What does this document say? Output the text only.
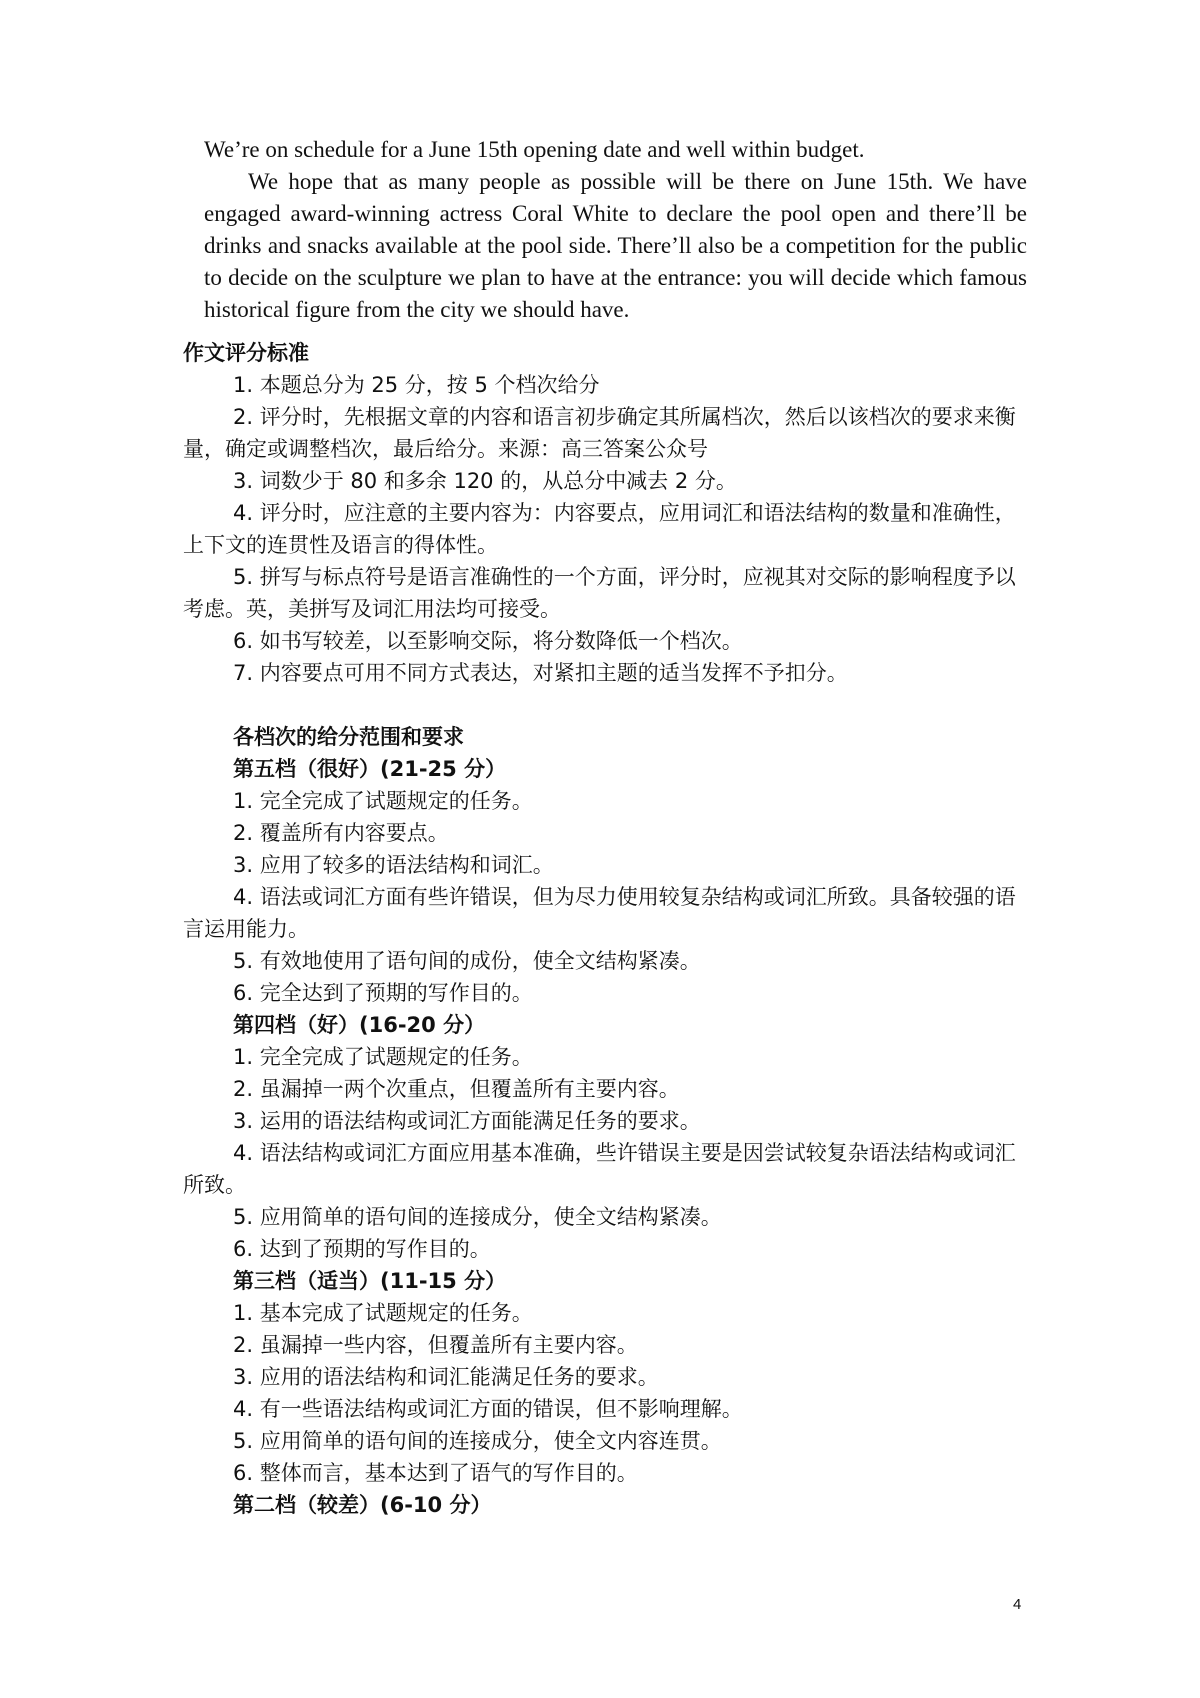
We’re on schedule for a June 15th opening date and well within budget.

We hope that as many people as possible will be there on June 15th. We have engaged award-winning actress Coral White to declare the pool open and there’ll be drinks and snacks available at the pool side. There’ll also be a competition for the public to decide on the sculpture we plan to have at the entrance: you will decide which famous historical figure from the city we should have.

作文评分标准

1. 本题总分为 25 分，按 5 个档次给分

2. 评分时，先根据文章的内容和语言初步确定其所属档次，然后以该档次的要求来衡量，确定或调整档次，最后给分。来源：高三答案公众号

3. 词数少于 80 和多余 120 的，从总分中减去 2 分。

4. 评分时，应注意的主要内容为：内容要点，应用词汇和语法结构的数量和准确性，上下文的连贯性及语言的得体性。

5. 拼写与标点符号是语言准确性的一个方面，评分时，应视其对交际的影响程度予以考虑。英，美拼写及词汇用法均可接受。

6. 如书写较差，以至影响交际，将分数降低一个档次。

7. 内容要点可用不同方式表达，对紧扣主题的适当发挥不予扣分。

各档次的给分范围和要求

第五档（很好）(21-25 分）

1. 完全完成了试题规定的任务。

2. 覆盖所有内容要点。

3. 应用了较多的语法结构和词汇。

4. 语法或词汇方面有些许错误，但为尽力使用较复杂结构或词汇所致。具备较强的语言运用能力。

5. 有效地使用了语句间的成份，使全文结构紧凑。

6. 完全达到了预期的写作目的。

第四档（好）(16-20 分）

1. 完全完成了试题规定的任务。

2. 虽漏掉一两个次重点，但覆盖所有主要内容。

3. 运用的语法结构或词汇方面能满足任务的要求。

4. 语法结构或词汇方面应用基本准确，些许错误主要是因尝试较复杂语法结构或词汇所致。

5. 应用简单的语句间的连接成分，使全文结构紧凑。

6. 达到了预期的写作目的。

第三档（适当）(11-15 分）

1. 基本完成了试题规定的任务。

2. 虽漏掉一些内容，但覆盖所有主要内容。

3. 应用的语法结构和词汇能满足任务的要求。

4. 有一些语法结构或词汇方面的错误，但不影响理解。

5. 应用简单的语句间的连接成分，使全文内容连贯。

6. 整体而言，基本达到了语气的写作目的。

第二档（较差）(6-10 分）

4
